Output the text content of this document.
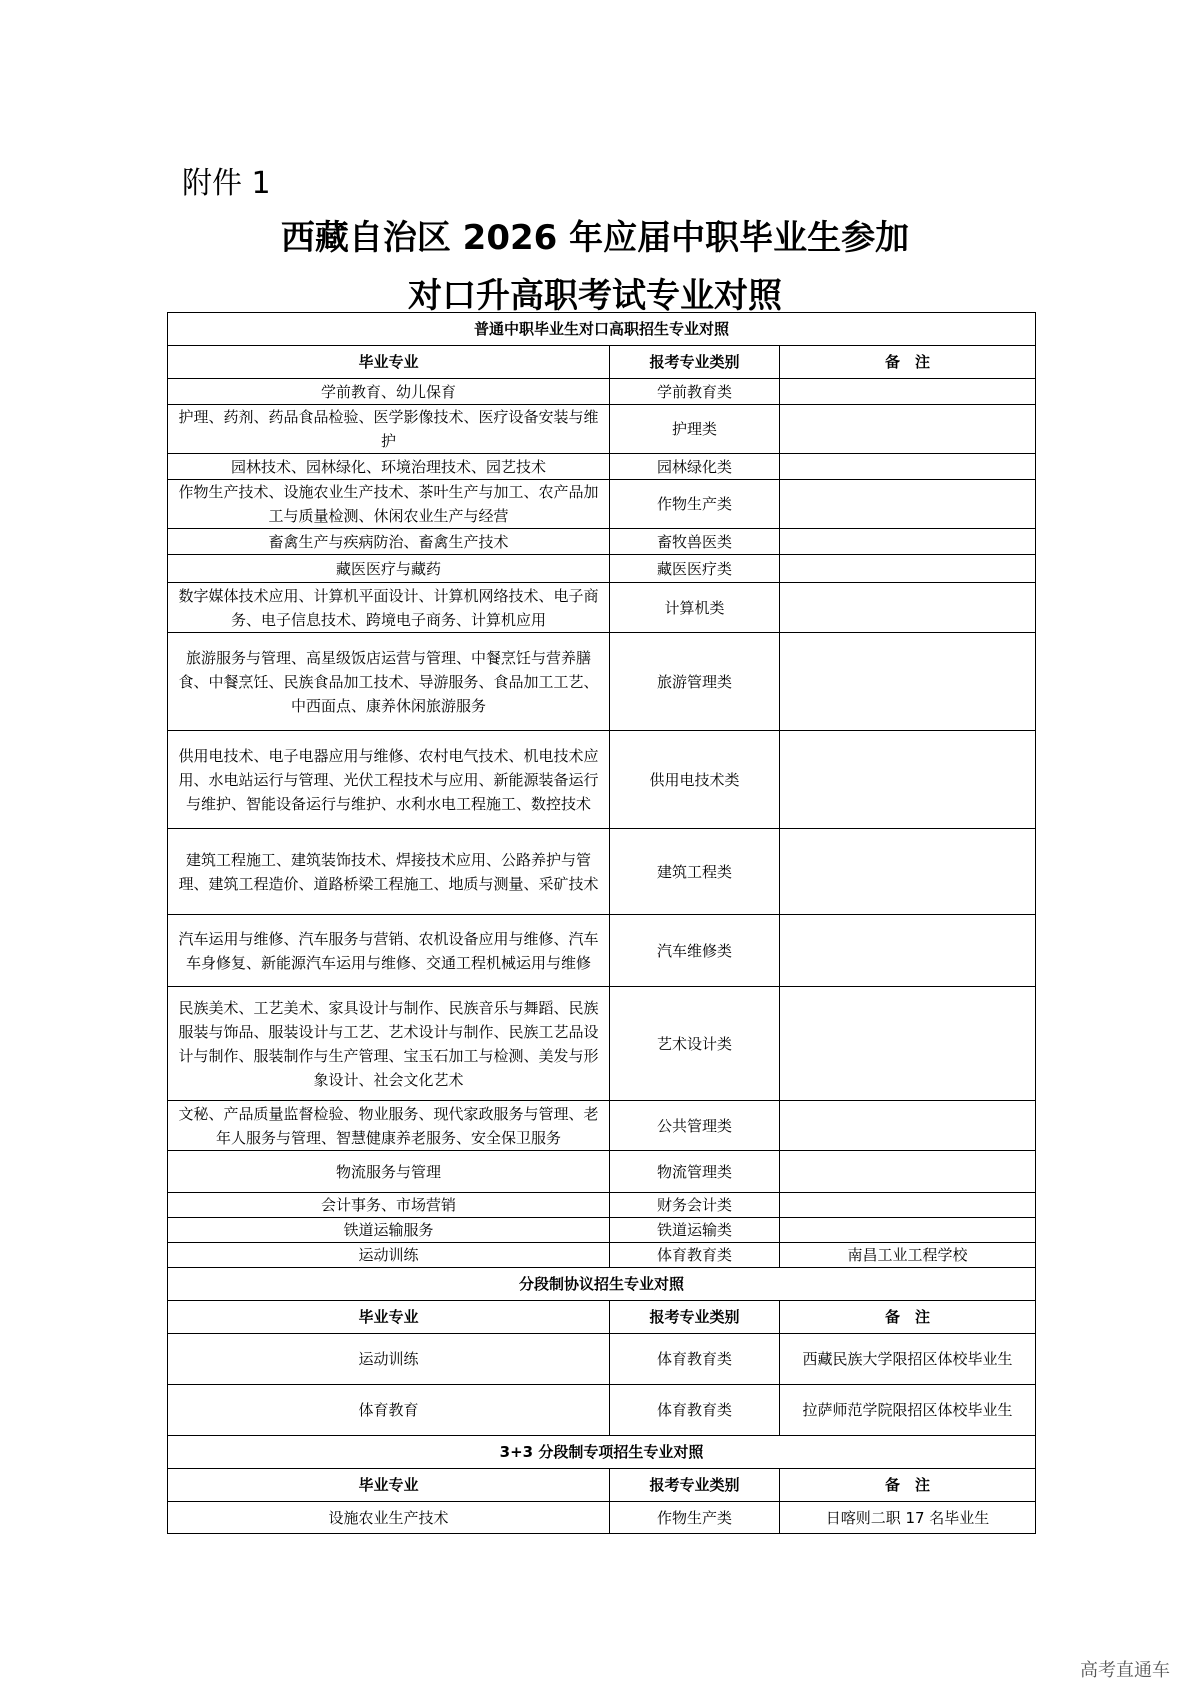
附件 1
西藏自治区 2026 年应届中职毕业生参加
对口升高职考试专业对照
普通中职毕业生对口高职招生专业对照		
毕业专业	报考专业类别	备　注
学前教育、幼儿保育	学前教育类	
护理、药剂、药品食品检验、医学影像技术、医疗设备安装与维护	护理类	
园林技术、园林绿化、环境治理技术、园艺技术	园林绿化类	
作物生产技术、设施农业生产技术、茶叶生产与加工、农产品加工与质量检测、休闲农业生产与经营	作物生产类	
畜禽生产与疾病防治、畜禽生产技术	畜牧兽医类	
藏医医疗与藏药	藏医医疗类	
数字媒体技术应用、计算机平面设计、计算机网络技术、电子商务、电子信息技术、跨境电子商务、计算机应用	计算机类	
旅游服务与管理、高星级饭店运营与管理、中餐烹饪与营养膳食、中餐烹饪、民族食品加工技术、导游服务、食品加工工艺、中西面点、康养休闲旅游服务	旅游管理类	
供用电技术、电子电器应用与维修、农村电气技术、机电技术应用、水电站运行与管理、光伏工程技术与应用、新能源装备运行与维护、智能设备运行与维护、水利水电工程施工、数控技术	供用电技术类	
建筑工程施工、建筑装饰技术、焊接技术应用、公路养护与管理、建筑工程造价、道路桥梁工程施工、地质与测量、采矿技术	建筑工程类	
汽车运用与维修、汽车服务与营销、农机设备应用与维修、汽车车身修复、新能源汽车运用与维修、交通工程机械运用与维修	汽车维修类	
民族美术、工艺美术、家具设计与制作、民族音乐与舞蹈、民族服装与饰品、服装设计与工艺、艺术设计与制作、民族工艺品设计与制作、服装制作与生产管理、宝玉石加工与检测、美发与形象设计、社会文化艺术	艺术设计类	
文秘、产品质量监督检验、物业服务、现代家政服务与管理、老年人服务与管理、智慧健康养老服务、安全保卫服务	公共管理类	
物流服务与管理	物流管理类	
会计事务、市场营销	财务会计类	
铁道运输服务	铁道运输类	
运动训练	体育教育类	南昌工业工程学校
分段制协议招生专业对照		
毕业专业	报考专业类别	备　注
运动训练	体育教育类	西藏民族大学限招区体校毕业生
体育教育	体育教育类	拉萨师范学院限招区体校毕业生
3+3 分段制专项招生专业对照		
毕业专业	报考专业类别	备　注
设施农业生产技术	作物生产类	日喀则二职 17 名毕业生
高考直通车
